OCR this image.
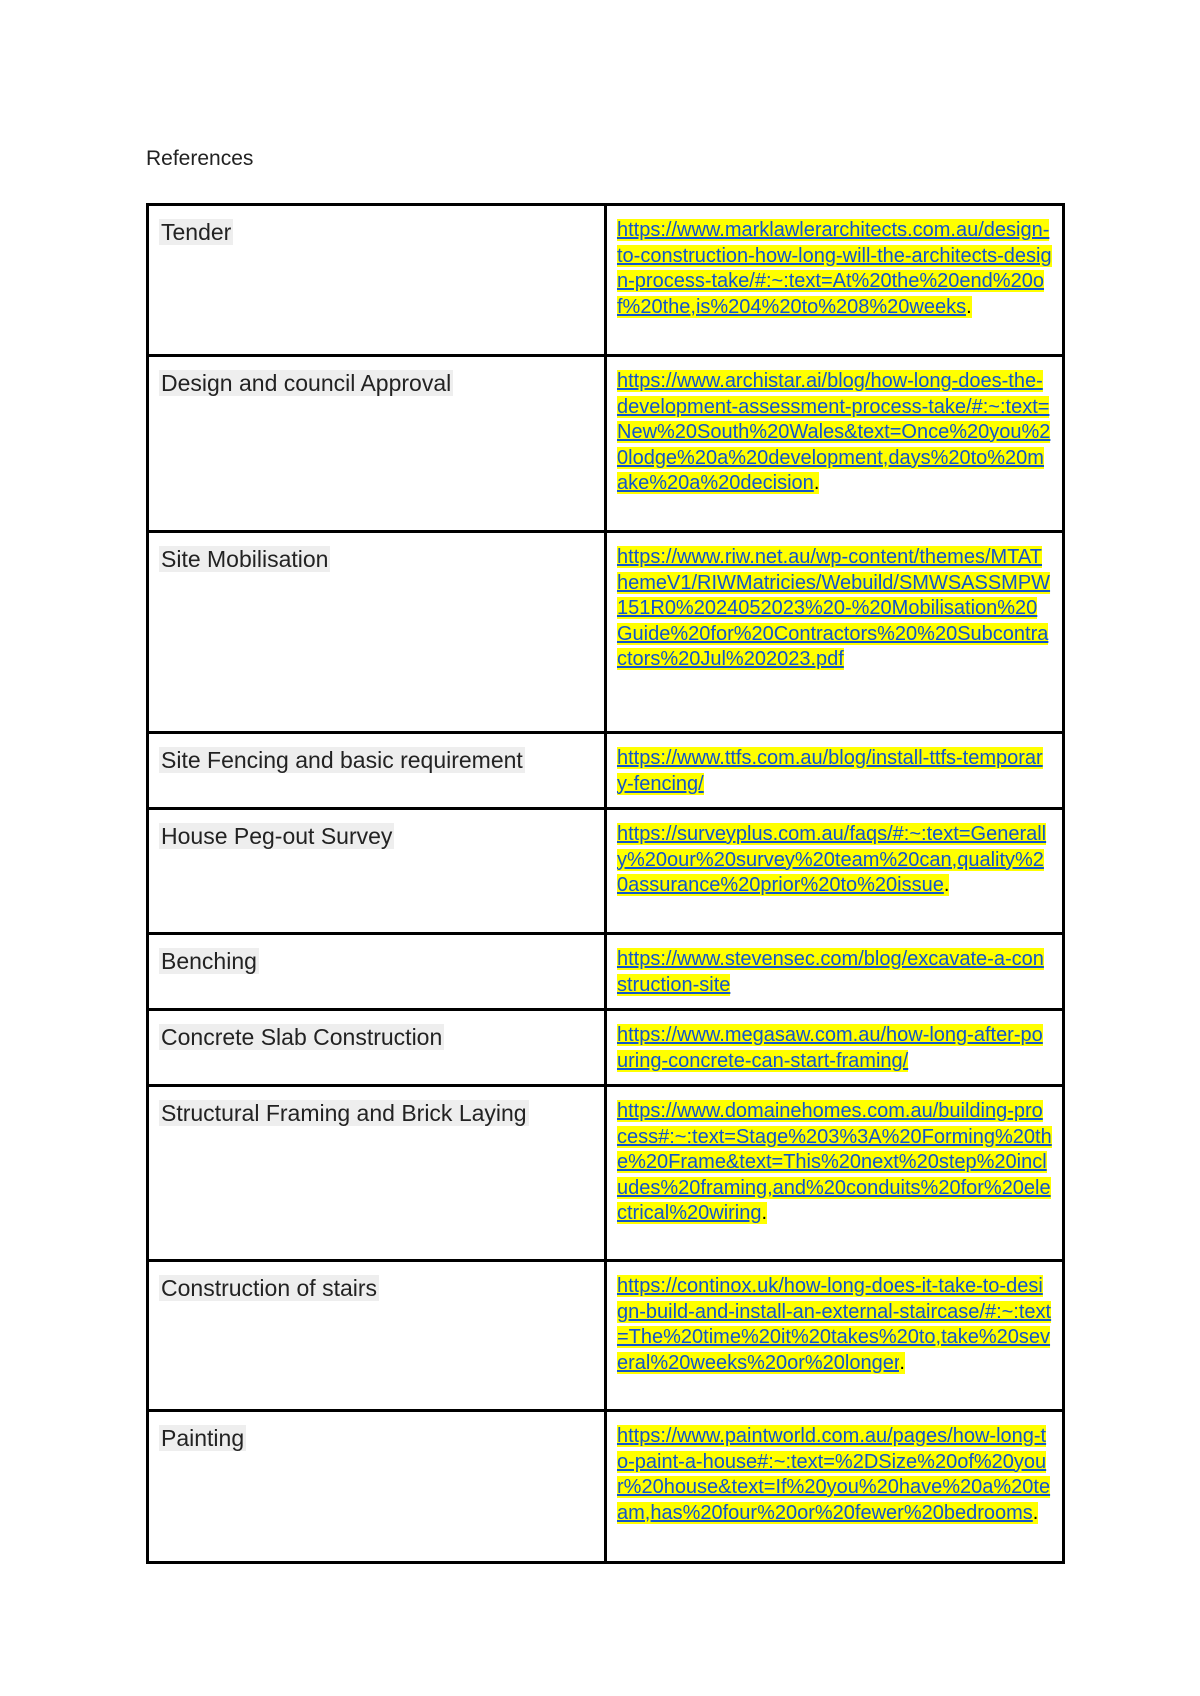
References
Tender	https://www.marklawlerarchitects.com.au/design-to-construction-how-long-will-the-architects-design-process-take/#:~:text=At%20the%20end%20of%20the,is%204%20to%208%20weeks.

Design and council Approval	https://www.archistar.ai/blog/how-long-does-the-development-assessment-process-take/#:~:text=New%20South%20Wales&text=Once%20you%20lodge%20a%20development,days%20to%20make%20a%20decision.

Site Mobilisation	https://www.riw.net.au/wp-content/themes/MTAThemeV1/RIWMatricies/Webuild/SMWSASSMPW151R0%2024052023%20-%20Mobilisation%20Guide%20for%20Contractors%20%20Subcontractors%20Jul%202023.pdf

Site Fencing and basic requirement	https://www.ttfs.com.au/blog/install-ttfs-temporary-fencing/

House Peg-out Survey	https://surveyplus.com.au/faqs/#:~:text=Generally%20our%20survey%20team%20can,quality%20assurance%20prior%20to%20issue.

Benching	https://www.stevensec.com/blog/excavate-a-construction-site

Concrete Slab Construction	https://www.megasaw.com.au/how-long-after-pouring-concrete-can-start-framing/

Structural Framing and Brick Laying	https://www.domainehomes.com.au/building-process#:~:text=Stage%203%3A%20Forming%20the%20Frame&text=This%20next%20step%20includes%20framing,and%20conduits%20for%20electrical%20wiring.

Construction of stairs	https://continox.uk/how-long-does-it-take-to-design-build-and-install-an-external-staircase/#:~:text=The%20time%20it%20takes%20to,take%20several%20weeks%20or%20longer.

Painting	https://www.paintworld.com.au/pages/how-long-to-paint-a-house#:~:text=%2DSize%20of%20your%20house&text=If%20you%20have%20a%20team,has%20four%20or%20fewer%20bedrooms.
